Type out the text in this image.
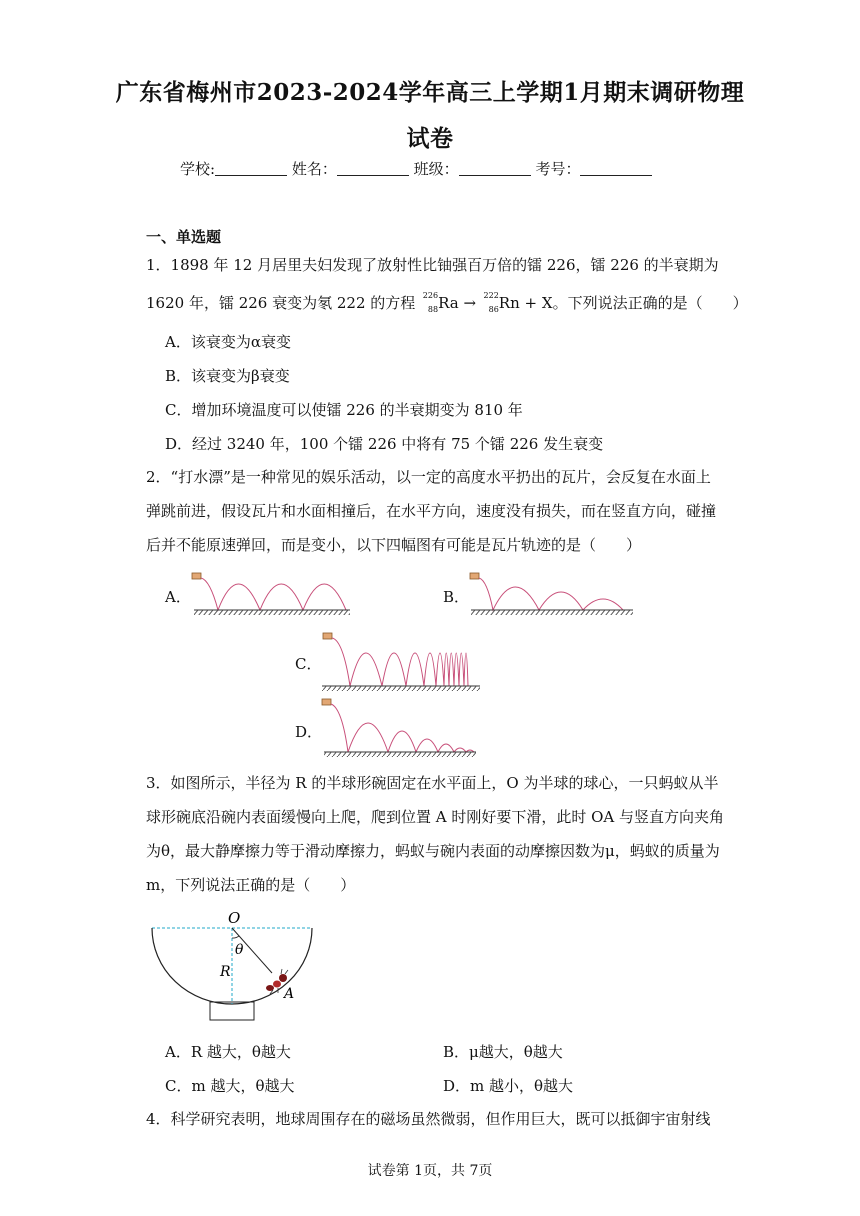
广东省梅州市2023-2024学年高三上学期1月期末调研物理
试卷
学校:	姓名：	班级：	考号：
一、单选题
1．1898 年 12 月居里夫妇发现了放射性比铀强百万倍的镭 226，镭 226 的半衰期为
1620 年，镭 226 衰变为氡 222 的方程 226
88 Ra → 222
86 Rn + X。下列说法正确的是（　　）
A．该衰变为α衰变
B．该衰变为β衰变
C．增加环境温度可以使镭 226 的半衰期变为 810 年
D．经过 3240 年，100 个镭 226 中将有 75 个镭 226 发生衰变
2．“打水漂”是一种常见的娱乐活动，以一定的高度水平扔出的瓦片，会反复在水面上
弹跳前进，假设瓦片和水面相撞后，在水平方向，速度没有损失，而在竖直方向，碰撞
后并不能原速弹回，而是变小，以下四幅图有可能是瓦片轨迹的是（　　）
A．	B．
C．
D．
3．如图所示，半径为 R 的半球形碗固定在水平面上，O 为半球的球心，一只蚂蚁从半
球形碗底沿碗内表面缓慢向上爬，爬到位置 A 时刚好要下滑，此时 OA 与竖直方向夹角
为θ，最大静摩擦力等于滑动摩擦力，蚂蚁与碗内表面的动摩擦因数为μ，蚂蚁的质量为
m，下列说法正确的是（　　）
O
θ
R
A
A．R 越大，θ越大	B．μ越大，θ越大
C．m 越大，θ越大	D．m 越小，θ越大
4．科学研究表明，地球周围存在的磁场虽然微弱，但作用巨大，既可以抵御宇宙射线
试卷第 1页，共 7页
